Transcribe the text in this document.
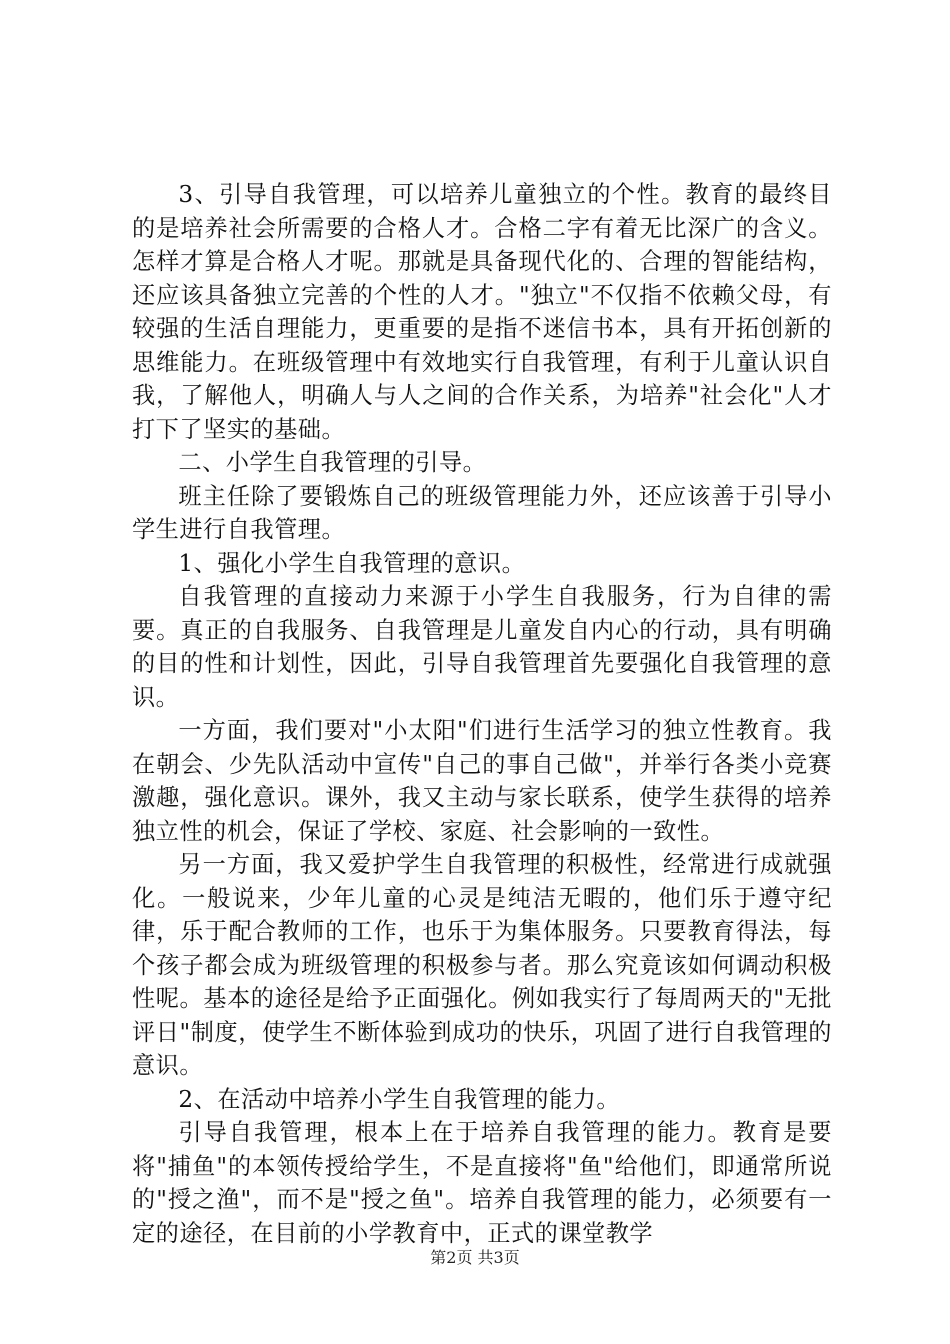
3、引导自我管理，可以培养儿童独立的个性。教育的最终目的是培养社会所需要的合格人才。合格二字有着无比深广的含义。怎样才算是合格人才呢。那就是具备现代化的、合理的智能结构，还应该具备独立完善的个性的人才。"独立"不仅指不依赖父母，有较强的生活自理能力，更重要的是指不迷信书本，具有开拓创新的思维能力。在班级管理中有效地实行自我管理，有利于儿童认识自我，了解他人，明确人与人之间的合作关系，为培养"社会化"人才打下了坚实的基础。

二、小学生自我管理的引导。

班主任除了要锻炼自己的班级管理能力外，还应该善于引导小学生进行自我管理。

1、强化小学生自我管理的意识。

自我管理的直接动力来源于小学生自我服务，行为自律的需要。真正的自我服务、自我管理是儿童发自内心的行动，具有明确的目的性和计划性，因此，引导自我管理首先要强化自我管理的意识。

一方面，我们要对"小太阳"们进行生活学习的独立性教育。我在朝会、少先队活动中宣传"自己的事自己做"，并举行各类小竞赛激趣，强化意识。课外，我又主动与家长联系，使学生获得的培养独立性的机会，保证了学校、家庭、社会影响的一致性。

另一方面，我又爱护学生自我管理的积极性，经常进行成就强化。一般说来，少年儿童的心灵是纯洁无暇的，他们乐于遵守纪律，乐于配合教师的工作，也乐于为集体服务。只要教育得法，每个孩子都会成为班级管理的积极参与者。那么究竟该如何调动积极性呢。基本的途径是给予正面强化。例如我实行了每周两天的"无批评日"制度，使学生不断体验到成功的快乐，巩固了进行自我管理的意识。

2、在活动中培养小学生自我管理的能力。

引导自我管理，根本上在于培养自我管理的能力。教育是要将"捕鱼"的本领传授给学生，不是直接将"鱼"给他们，即通常所说的"授之渔"，而不是"授之鱼"。培养自我管理的能力，必须要有一定的途径，在目前的小学教育中，正式的课堂教学

第2页 共3页
